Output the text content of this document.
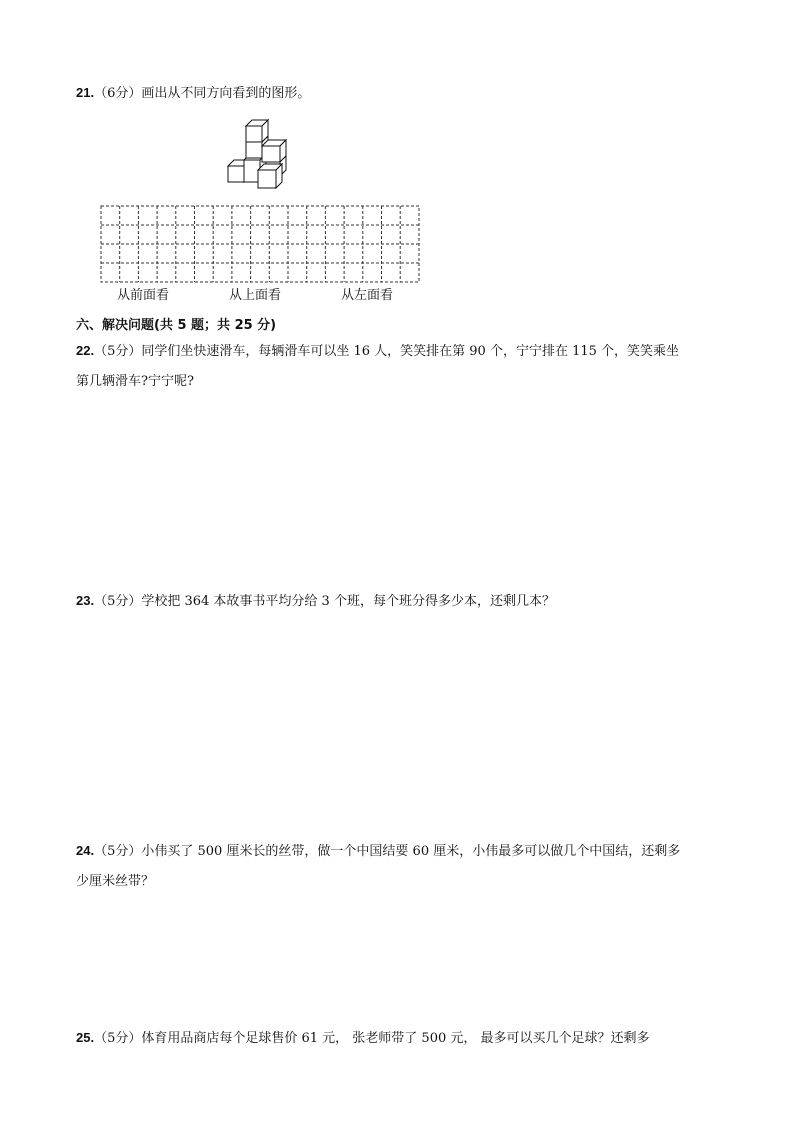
21.（6分）画出从不同方向看到的图形。
从前面看	从上面看	从左面看
六、解决问题(共 5 题；共 25 分)
22.（5分）同学们坐快速滑车，每辆滑车可以坐 16 人，笑笑排在第 90 个，宁宁排在 115 个，笑笑乘坐
第几辆滑车?宁宁呢?
23.（5分）学校把 364 本故事书平均分给 3 个班，每个班分得多少本，还剩几本？
24.（5分）小伟买了 500 厘米长的丝带，做一个中国结要 60 厘米，小伟最多可以做几个中国结，还剩多
少厘米丝带？
25.（5分）体育用品商店每个足球售价 61 元， 张老师带了 500 元， 最多可以买几个足球？还剩多
